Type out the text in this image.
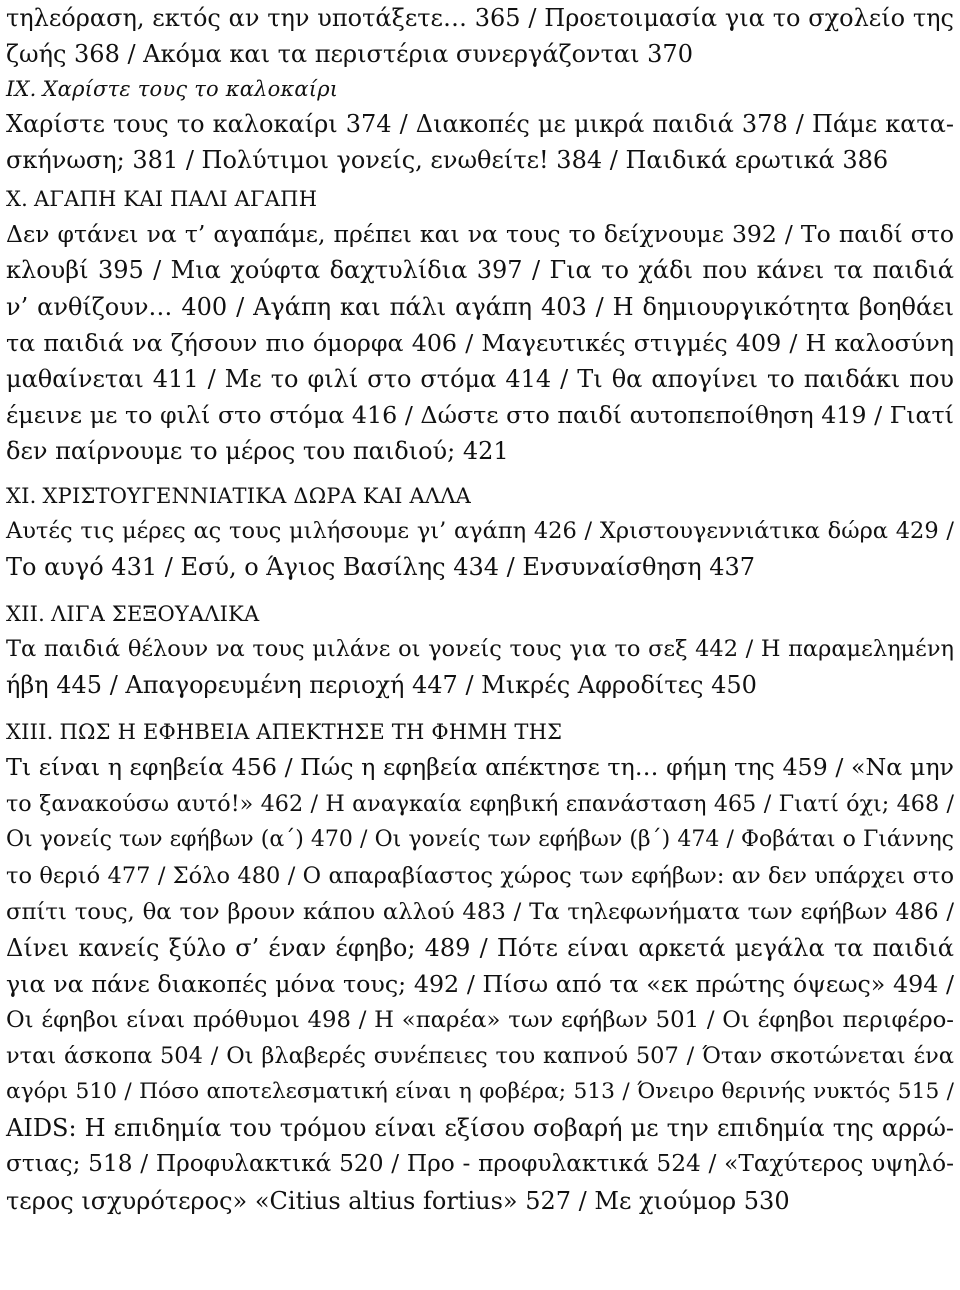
τηλεόραση, εκτός αν την υποτάξετε… 365 / Προετοιμασία για το σχολείο της
ζωής 368 / Ακόμα και τα περιστέρια συνεργάζονται 370
IX. Χαρίστε τους το καλοκαίρι
Χαρίστε τους το καλοκαίρι 374 / Διακοπές με μικρά παιδιά 378 / Πάμε κατα-
σκήνωση; 381 / Πολύτιμοι γονείς, ενωθείτε! 384 / Παιδικά ερωτικά 386
X. ΑΓΑΠΗ ΚΑΙ ΠΑΛΙ ΑΓΑΠΗ
Δεν φτάνει να τ’ αγαπάμε, πρέπει και να τους το δείχνουμε 392 / Το παιδί στο
κλουβί 395 / Μια χούφτα δαχτυλίδια 397 / Για το χάδι που κάνει τα παιδιά
ν’ ανθίζουν… 400 / Αγάπη και πάλι αγάπη 403 / Η δημιουργικότητα βοηθάει
τα παιδιά να ζήσουν πιο όμορφα 406 / Μαγευτικές στιγμές 409 / Η καλοσύνη
μαθαίνεται 411 / Με το φιλί στο στόμα 414 / Τι θα απογίνει το παιδάκι που
έμεινε με το φιλί στο στόμα 416 / Δώστε στο παιδί αυτοπεποίθηση 419 / Γιατί
δεν παίρνουμε το μέρος του παιδιού; 421
XI. ΧΡΙΣΤΟΥΓΕΝΝΙΑΤΙΚΑ ΔΩΡΑ ΚΑΙ ΑΛΛΑ
Αυτές τις μέρες ας τους μιλήσουμε γι’ αγάπη 426 / Χριστουγεννιάτικα δώρα 429 /
Το αυγό 431 / Εσύ, ο Άγιος Βασίλης 434 / Ενσυναίσθηση 437
XII. ΛΙΓΑ ΣΕΞΟΥΑΛΙΚΑ
Τα παιδιά θέλουν να τους μιλάνε οι γονείς τους για το σεξ 442 / Η παραμελημένη
ήβη 445 / Απαγορευμένη περιοχή 447 / Μικρές Αφροδίτες 450
XIII. ΠΩΣ Η ΕΦΗΒΕΙΑ ΑΠΕΚΤΗΣΕ ΤΗ ΦΗΜΗ ΤΗΣ
Τι είναι η εφηβεία 456 / Πώς η εφηβεία απέκτησε τη… φήμη της 459 / «Να μην
το ξανακούσω αυτό!» 462 / Η αναγκαία εφηβική επανάσταση 465 / Γιατί όχι; 468 /
Οι γονείς των εφήβων (α΄) 470 / Οι γονείς των εφήβων (β΄) 474 / Φοβάται ο Γιάννης
το θεριό 477 / Σόλο 480 / Ο απαραβίαστος χώρος των εφήβων: αν δεν υπάρχει στο
σπίτι τους, θα τον βρουν κάπου αλλού 483 / Τα τηλεφωνήματα των εφήβων 486 /
Δίνει κανείς ξύλο σ’ έναν έφηβο; 489 / Πότε είναι αρκετά μεγάλα τα παιδιά
για να πάνε διακοπές μόνα τους; 492 / Πίσω από τα «εκ πρώτης όψεως» 494 /
Οι έφηβοι είναι πρόθυμοι 498 / Η «παρέα» των εφήβων 501 / Οι έφηβοι περιφέρο-
νται άσκοπα 504 / Οι βλαβερές συνέπειες του καπνού 507 / Όταν σκοτώνεται ένα
αγόρι 510 / Πόσο αποτελεσματική είναι η φοβέρα; 513 / Όνειρο θερινής νυκτός 515 /
AIDS: Η επιδημία του τρόμου είναι εξίσου σοβαρή με την επιδημία της αρρώ-
στιας; 518 / Προφυλακτικά 520 / Προ - προφυλακτικά 524 / «Ταχύτερος υψηλό-
τερος ισχυρότερος» «Citius altius fortius» 527 / Με χιούμορ 530
